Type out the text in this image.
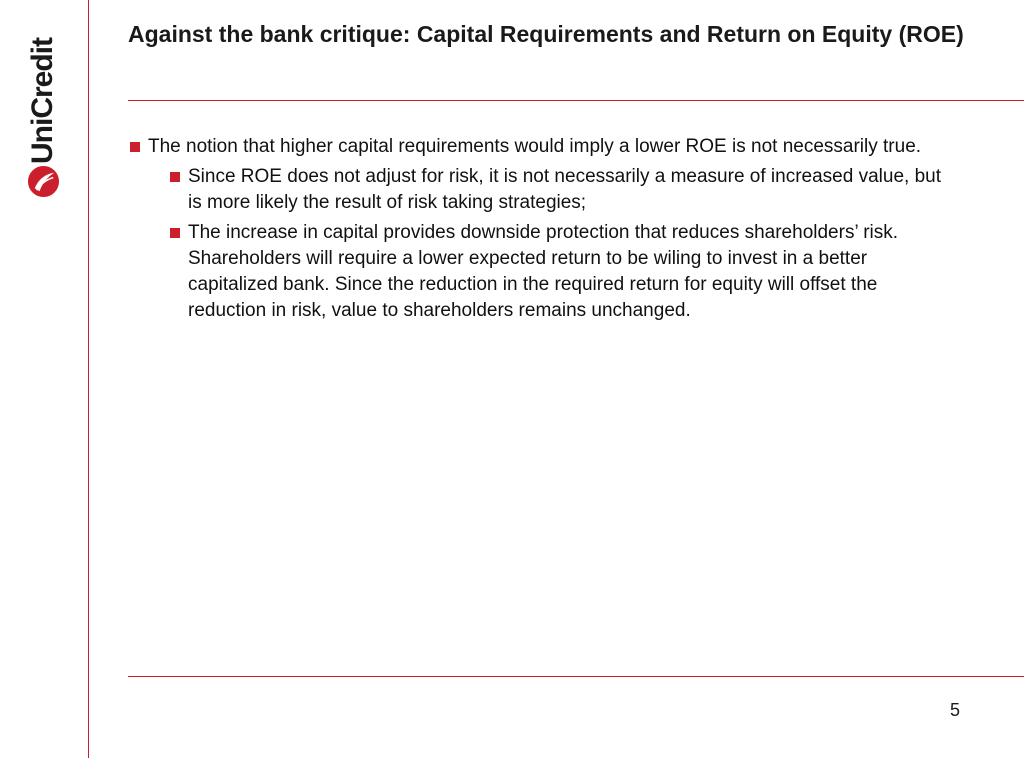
UniCredit
Against the bank critique: Capital Requirements and Return on Equity (ROE)
The notion that higher capital requirements would imply a lower ROE is not necessarily true.
Since ROE does not adjust for risk, it is not necessarily a measure of increased value, but is more likely the result of risk taking strategies;
The increase in capital provides downside protection that reduces shareholders’ risk. Shareholders will require a lower expected return to be wiling to invest in a better capitalized bank. Since the reduction in the required return for equity will offset the reduction in risk, value to shareholders remains unchanged.
5
